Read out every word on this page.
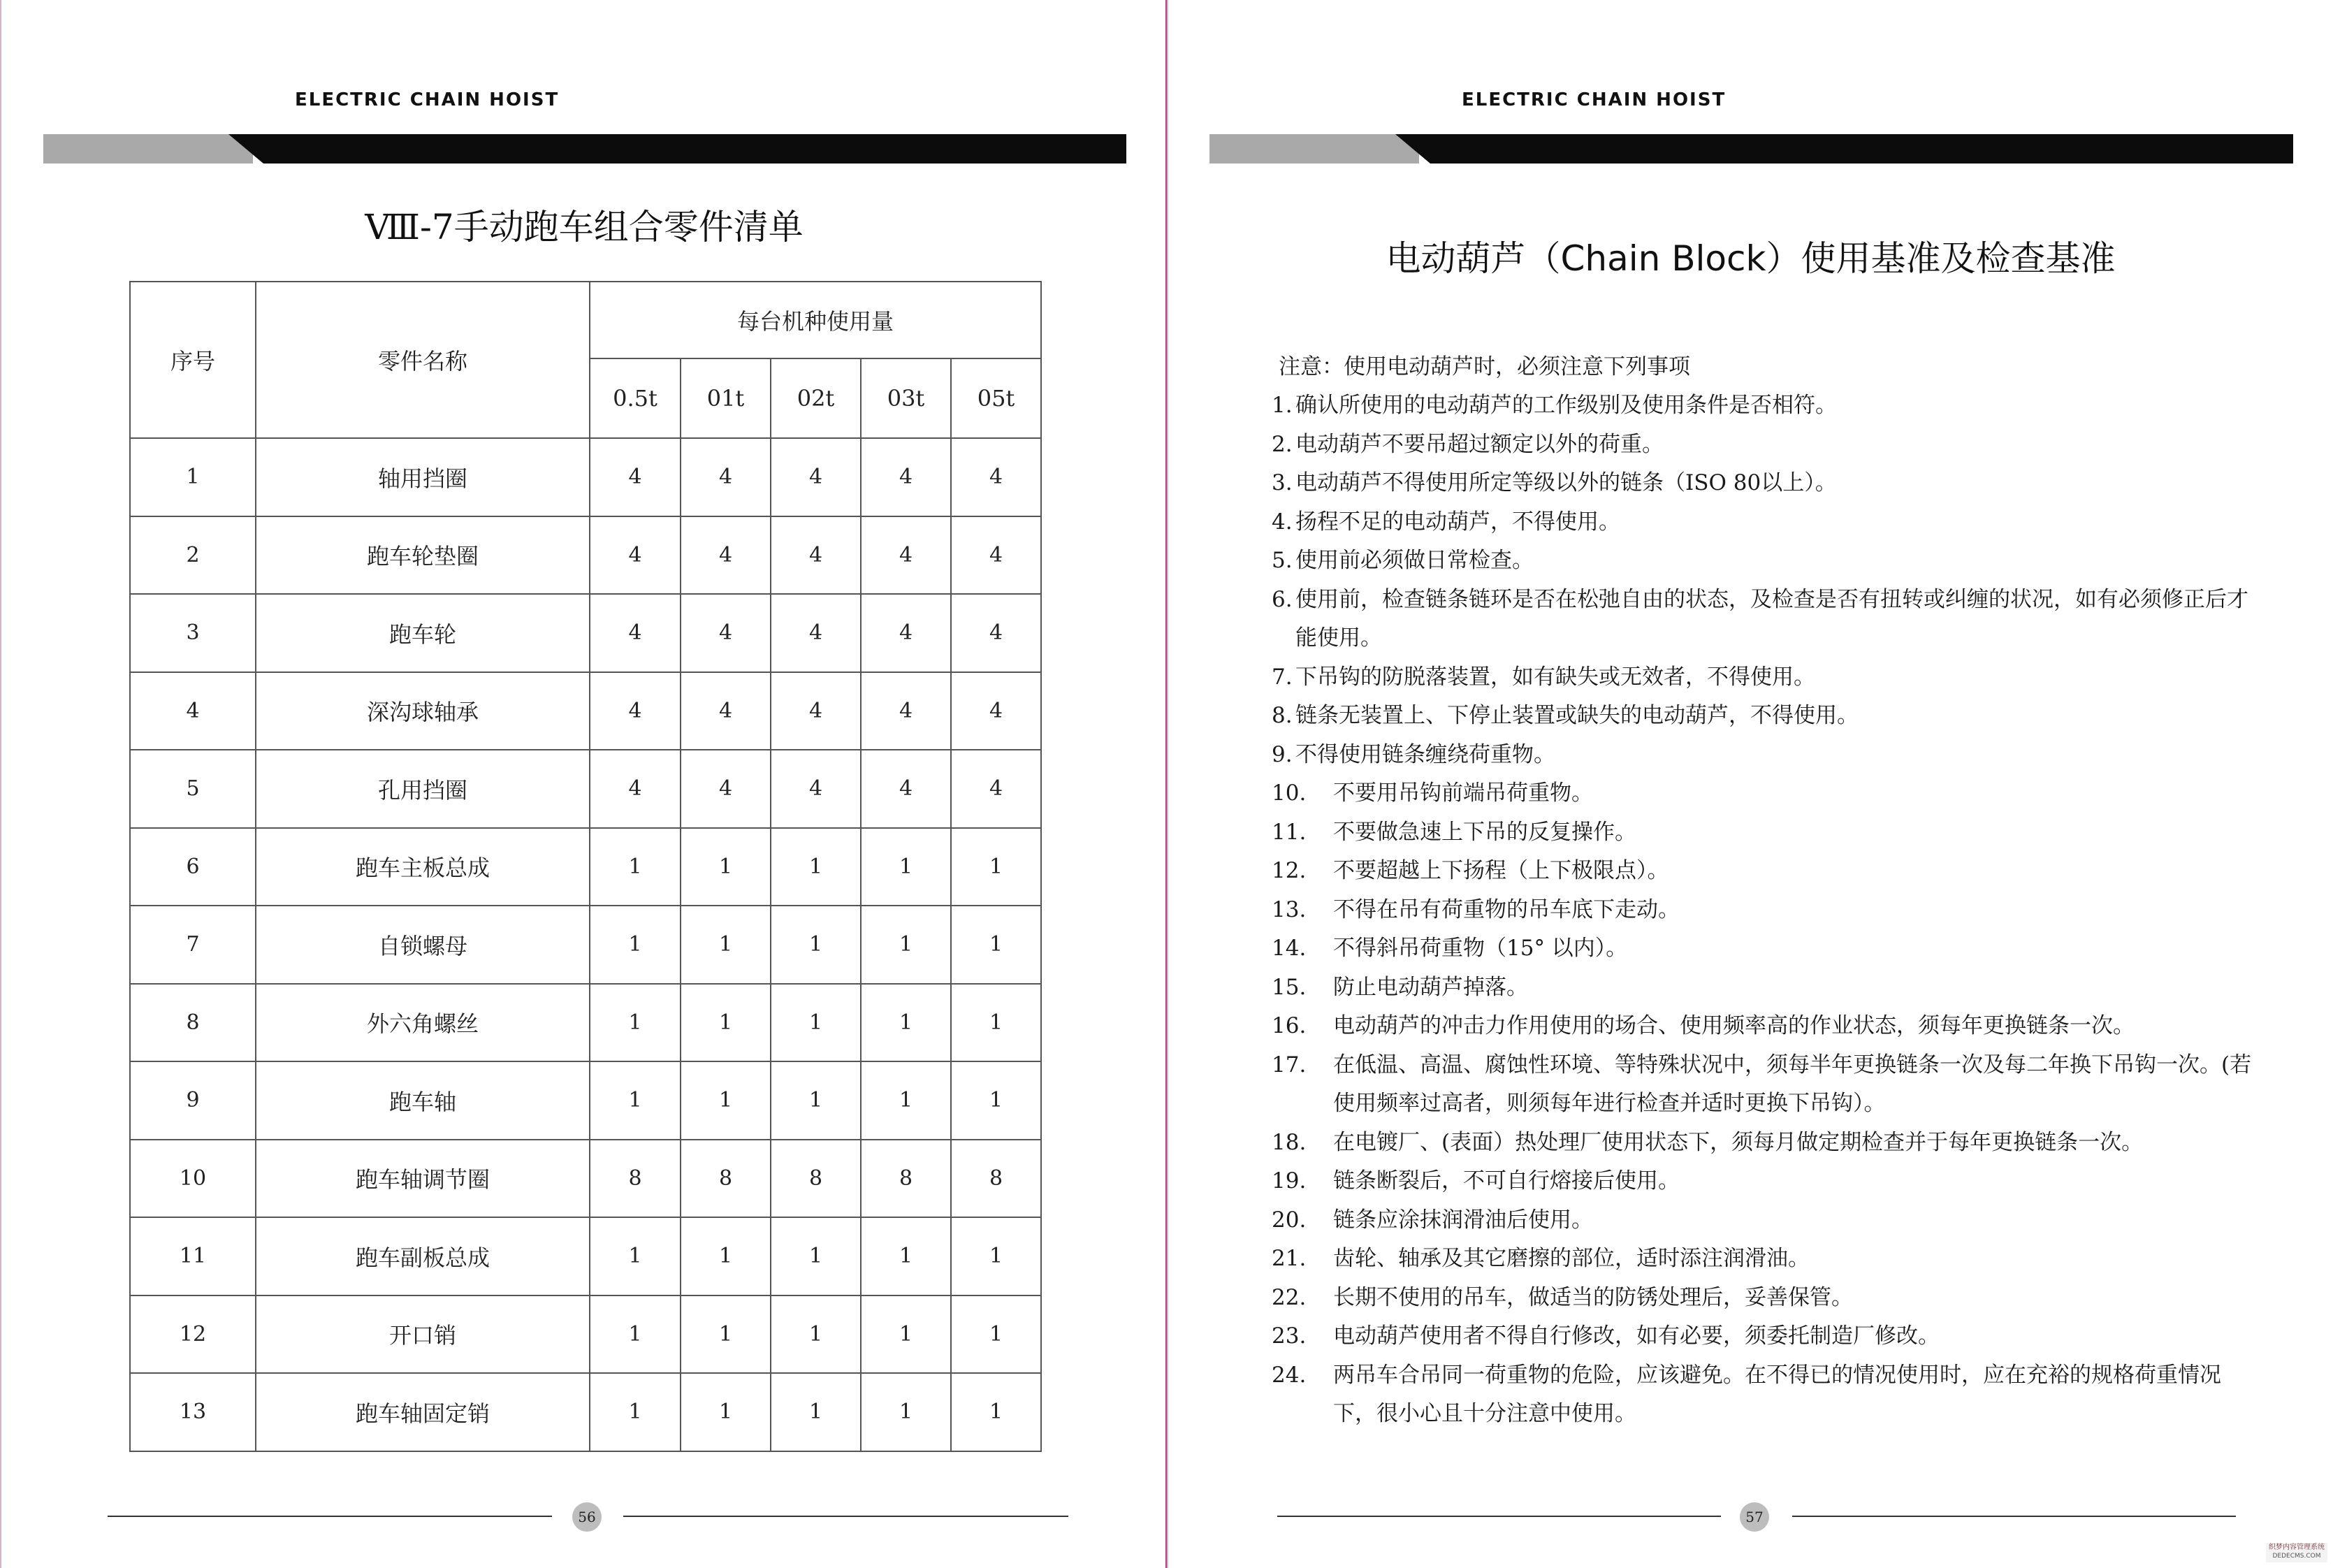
ELECTRIC CHAIN HOIST
Ⅷ-7手动跑车组合零件清单
序号	零件名称	每台机种使用量				
		0.5t	01t	02t	03t	05t
1	轴用挡圈	4	4	4	4	4
2	跑车轮垫圈	4	4	4	4	4
3	跑车轮	4	4	4	4	4
4	深沟球轴承	4	4	4	4	4
5	孔用挡圈	4	4	4	4	4
6	跑车主板总成	1	1	1	1	1
7	自锁螺母	1	1	1	1	1
8	外六角螺丝	1	1	1	1	1
9	跑车轴	1	1	1	1	1
10	跑车轴调节圈	8	8	8	8	8
11	跑车副板总成	1	1	1	1	1
12	开口销	1	1	1	1	1
13	跑车轴固定销	1	1	1	1	1
56
ELECTRIC CHAIN HOIST
电动葫芦（Chain Block）使用基准及检查基准
57
注意：使用电动葫芦时，必须注意下列事项
1. 确认所使用的电动葫芦的工作级别及使用条件是否相符。
2. 电动葫芦不要吊超过额定以外的荷重。
3. 电动葫芦不得使用所定等级以外的链条（ISO 80以上）。
4. 扬程不足的电动葫芦，不得使用。
5. 使用前必须做日常检查。
6. 使用前，检查链条链环是否在松弛自由的状态，及检查是否有扭转或纠缠的状况，如有必须修正后才能使用。
7. 下吊钩的防脱落装置，如有缺失或无效者，不得使用。
8. 链条无装置上、下停止装置或缺失的电动葫芦，不得使用。
9. 不得使用链条缠绕荷重物。
10.	不要用吊钩前端吊荷重物。
11.	不要做急速上下吊的反复操作。
12.	不要超越上下扬程（上下极限点）。
13.	不得在吊有荷重物的吊车底下走动。
14.	不得斜吊荷重物（15° 以内）。
15.	防止电动葫芦掉落。
16.	电动葫芦的冲击力作用使用的场合、使用频率高的作业状态，须每年更换链条一次。
17.	在低温、高温、腐蚀性环境、等特殊状况中，须每半年更换链条一次及每二年换下吊钩一次。(若使用频率过高者，则须每年进行检查并适时更换下吊钩）。
18.	在电镀厂、(表面）热处理厂使用状态下，须每月做定期检查并于每年更换链条一次。
19.	链条断裂后，不可自行熔接后使用。
20.	链条应涂抹润滑油后使用。
21.	齿轮、轴承及其它磨擦的部位，适时添注润滑油。
22.	长期不使用的吊车，做适当的防锈处理后，妥善保管。
23.	电动葫芦使用者不得自行修改，如有必要，须委托制造厂修改。
24.	两吊车合吊同一荷重物的危险，应该避免。在不得已的情况使用时，应在充裕的规格荷重情况下，很小心且十分注意中使用。
织梦内容管理系统
DEDECMS.COM
